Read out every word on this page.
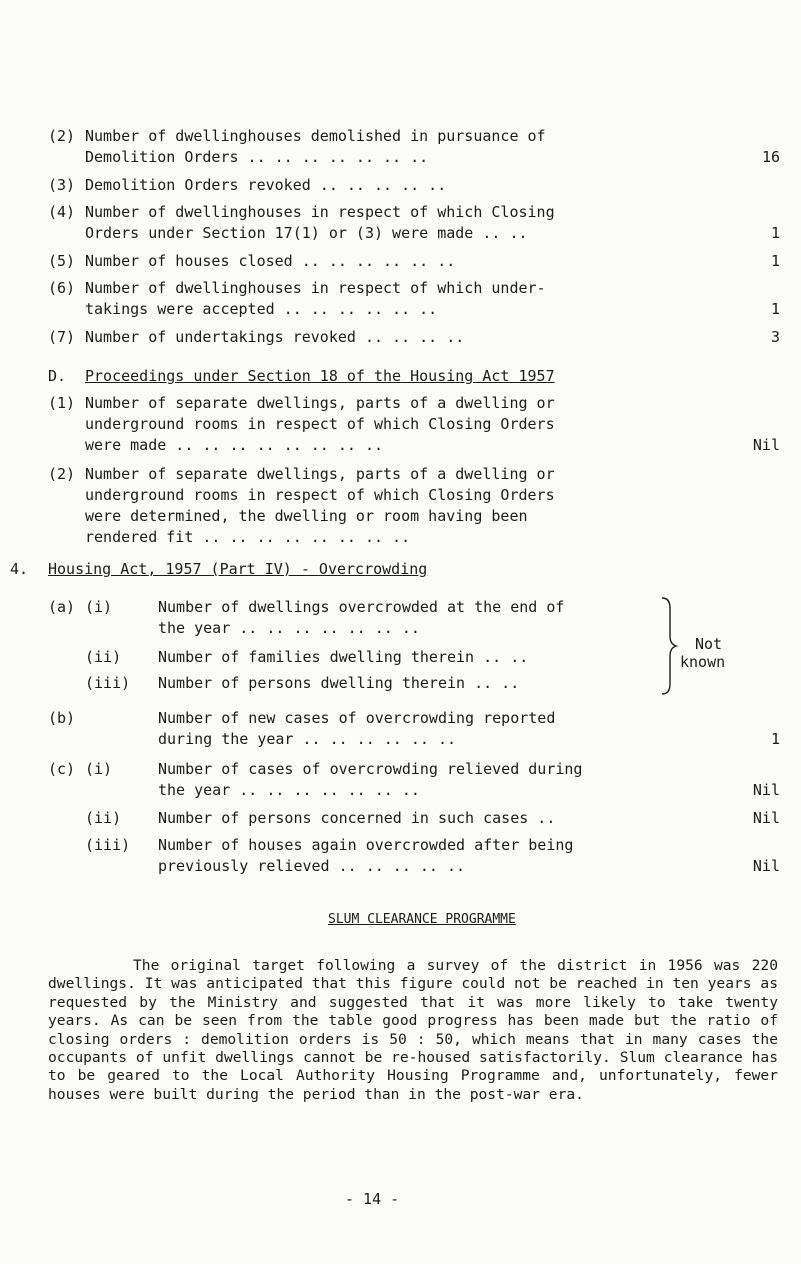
(2) Number of dwellinghouses demolished in pursuance of
Demolition Orders .. .. .. .. .. .. ..	16
(3) Demolition Orders revoked .. .. .. .. ..
(4) Number of dwellinghouses in respect of which Closing
Orders under Section 17(1) or (3) were made .. ..	1
(5) Number of houses closed .. .. .. .. .. ..	1
(6) Number of dwellinghouses in respect of which under-
takings were accepted .. .. .. .. .. ..	1
(7) Number of undertakings revoked .. .. .. ..	3
D. Proceedings under Section 18 of the Housing Act 1957
(1) Number of separate dwellings, parts of a dwelling or
underground rooms in respect of which Closing Orders
were made .. .. .. .. .. .. .. ..	Nil
(2) Number of separate dwellings, parts of a dwelling or
underground rooms in respect of which Closing Orders
were determined, the dwelling or room having been
rendered fit .. .. .. .. .. .. .. ..
4. Housing Act, 1957 (Part IV) - Overcrowding
(a) (i)	Number of dwellings overcrowded at the end of
the year .. .. .. .. .. .. ..
(ii) Number of families dwelling therein .. ..
(iii) Number of persons dwelling therein .. ..
Not
known
(b)	Number of new cases of overcrowding reported
during the year .. .. .. .. .. ..	1
(c) (i)	Number of cases of overcrowding relieved during
the year .. .. .. .. .. .. ..	Nil
(ii) Number of persons concerned in such cases ..	Nil
(iii) Number of houses again overcrowded after being
previously relieved .. .. .. .. ..	Nil
SLUM CLEARANCE PROGRAMME
The original target following a survey of the district in 1956 was 220 dwellings. It was anticipated that this figure could not be reached in ten years as requested by the Ministry and suggested that it was more likely to take twenty years. As can be seen from the table good progress has been made but the ratio of closing orders : demolition orders is 50 : 50, which means that in many cases the occupants of unfit dwellings cannot be re-housed satisfactorily. Slum clearance has to be geared to the Local Authority Housing Programme and, unfortunately, fewer houses were built during the period than in the post-war era.
- 14 -
